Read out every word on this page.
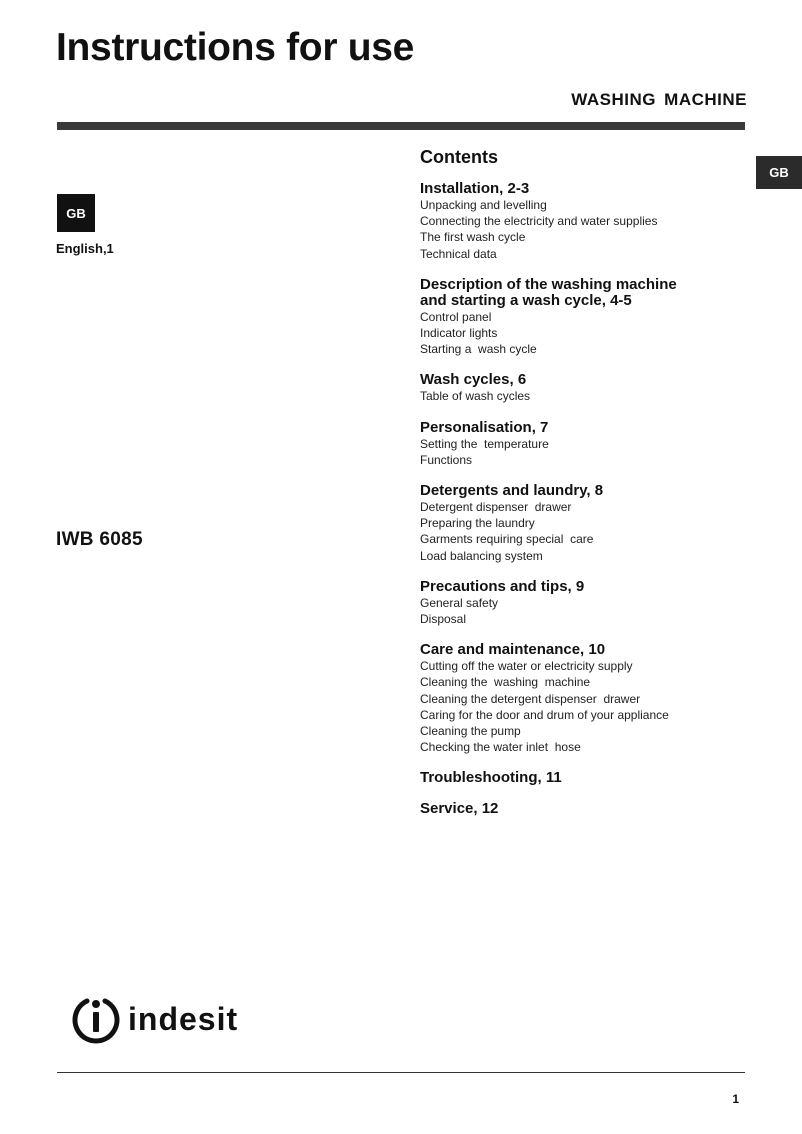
Instructions for use
WASHING MACHINE
GB
GB
English,1
IWB 6085
Contents
Installation, 2-3
Unpacking and levelling
Connecting the electricity and water supplies
The first wash cycle
Technical data
Description of the washing machine
and starting a wash cycle, 4-5
Control panel
Indicator lights
Starting a  wash cycle
Wash cycles, 6
Table of wash cycles
Personalisation, 7
Setting the  temperature
Functions
Detergents and laundry, 8
Detergent dispenser  drawer
Preparing the laundry
Garments requiring special  care
Load balancing system
Precautions and tips, 9
General safety
Disposal
Care and maintenance, 10
Cutting off the water or electricity supply
Cleaning the  washing  machine
Cleaning the detergent dispenser  drawer
Caring for the door and drum of your appliance
Cleaning the pump
Checking the water inlet  hose
Troubleshooting, 11
Service, 12
indesit
1
